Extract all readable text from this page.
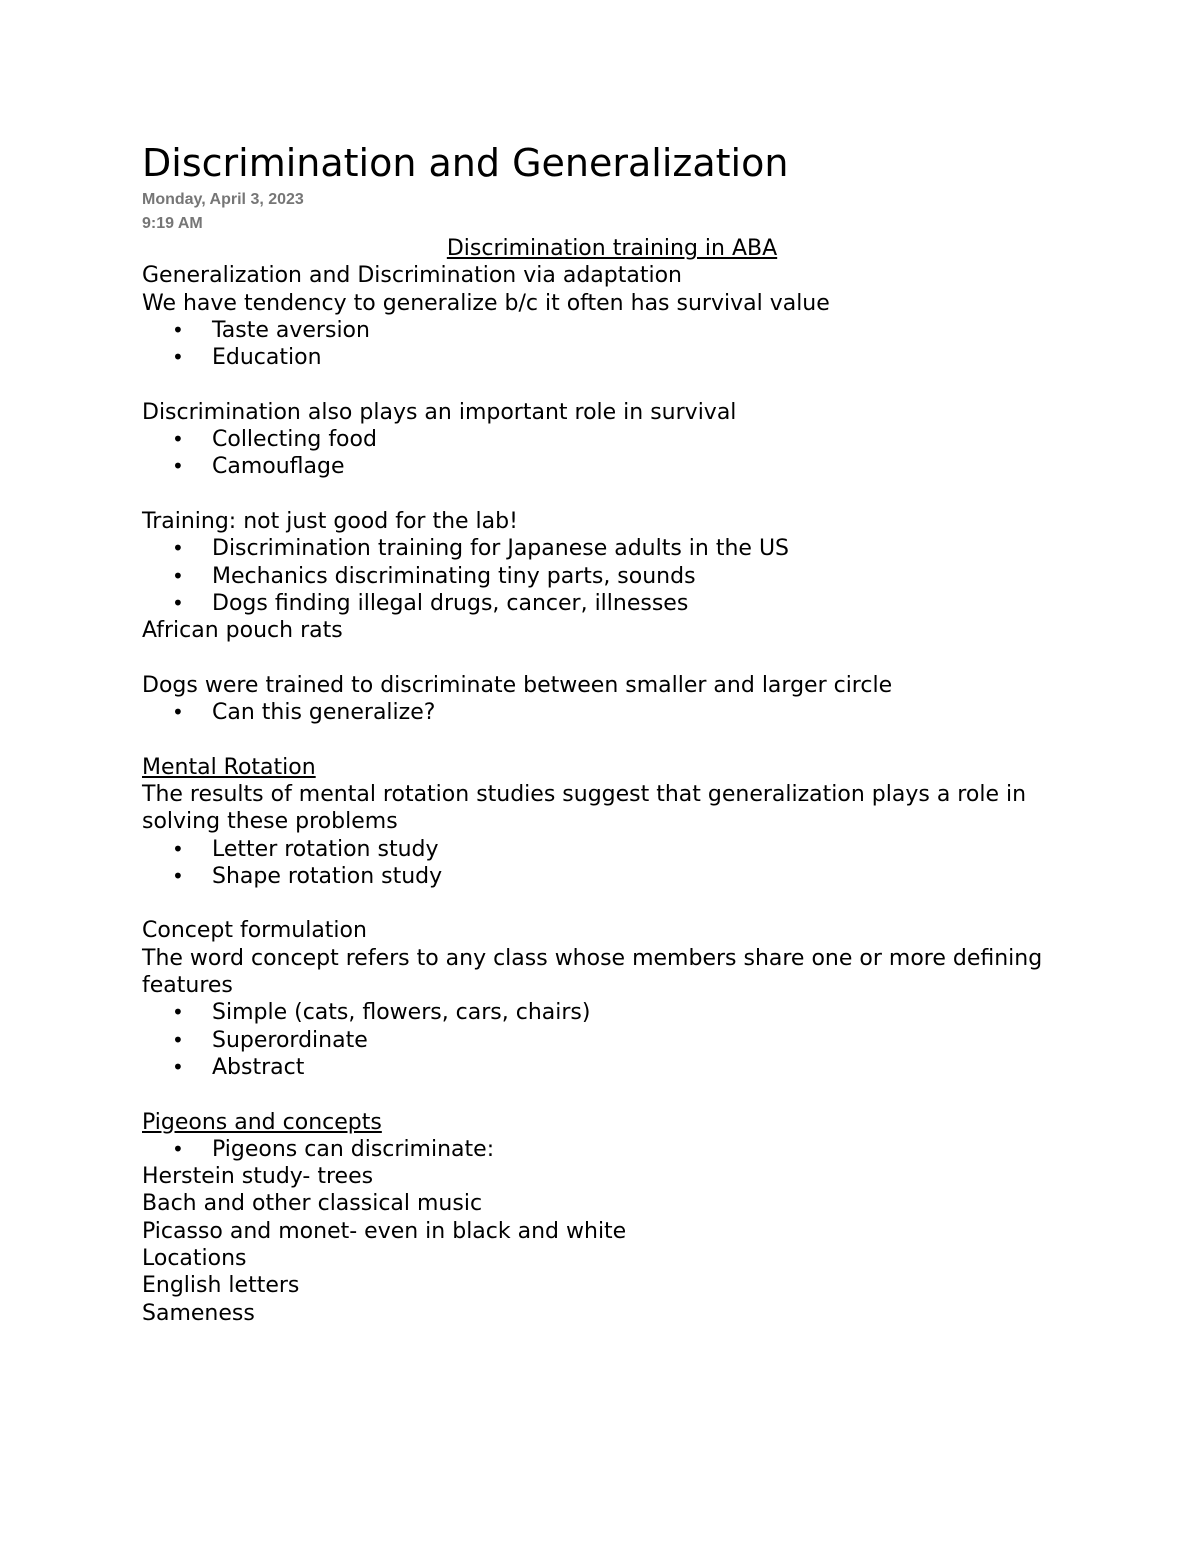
Discrimination and Generalization
Monday, April 3, 2023
9:19 AM

Discrimination training in ABA

Generalization and Discrimination via adaptation

We have tendency to generalize b/c it often has survival value

• Taste aversion

• Education

Discrimination also plays an important role in survival

• Collecting food

• Camouflage

Training: not just good for the lab!

• Discrimination training for Japanese adults in the US

• Mechanics discriminating tiny parts, sounds

• Dogs finding illegal drugs, cancer, illnesses

African pouch rats

Dogs were trained to discriminate between smaller and larger circle

• Can this generalize?

Mental Rotation

The results of mental rotation studies suggest that generalization plays a role in solving these problems

• Letter rotation study

• Shape rotation study

Concept formulation

The word concept refers to any class whose members share one or more defining features

• Simple (cats, flowers, cars, chairs)

• Superordinate

• Abstract

Pigeons and concepts

• Pigeons can discriminate:

Herstein study- trees

Bach and other classical music

Picasso and monet- even in black and white

Locations

English letters

Sameness
